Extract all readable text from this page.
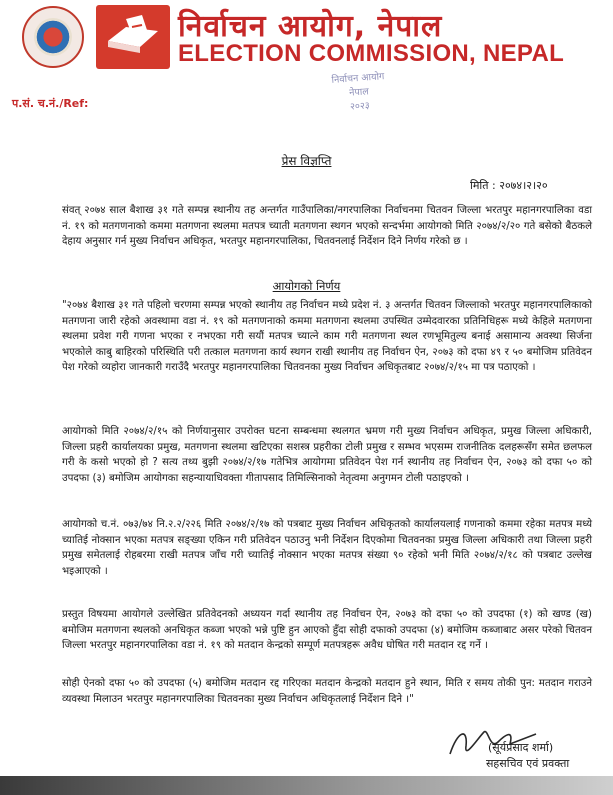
निर्वाचन आयोग, नेपाल
ELECTION COMMISSION, NEPAL
प.सं. च.नं./Ref:
निर्वाचन आयोग
नेपाल
२०२३
प्रेस विज्ञप्ति
मिति : २०७४।२।२०
संवत् २०७४ साल बैशाख ३१ गते सम्पन्न स्थानीय तह अन्तर्गत गाउँपालिका/नगरपालिका निर्वाचनमा चितवन जिल्ला भरतपुर महानगरपालिका वडा नं. १९ को मतगणनाको कममा मतगणना स्थलमा मतपत्र च्याती मतगणना स्थगन भएको सन्दर्भमा आयोगको मिति २०७४/२/२० गते बसेको बैठकले देहाय अनुसार गर्न मुख्य निर्वाचन अधिकृत, भरतपुर महानगरपालिका, चितवनलाई निर्देशन दिने निर्णय गरेको छ ।
आयोगको निर्णय
"२०७४ बैशाख ३१ गते पहिलो चरणमा सम्पन्न भएको स्थानीय तह निर्वाचन मध्ये प्रदेश नं. ३ अन्तर्गत चितवन जिल्लाको भरतपुर महानगरपालिकाको मतगणना जारी रहेको अवस्थामा वडा नं. १९ को मतगणनाको कममा मतगणना स्थलमा उपस्थित उम्मेदवारका प्रतिनिधिहरू मध्ये केहिले मतगणना स्थलमा प्रवेश गरी गणना भएका र नभएका गरी सयौं मतपत्र च्यात्ने काम गरी मतगणना स्थल रणभूमितुल्य बनाई असामान्य अवस्था सिर्जना भएकोले काबु बाहिरको परिस्थिति परी तत्काल मतगणना कार्य स्थगन राखी स्थानीय तह निर्वाचन ऐन, २०७३ को दफा ४९ र ५० बमोजिम प्रतिवेदन पेश गरेको व्यहोरा जानकारी गराउँदै भरतपुर महानगरपालिका चितवनका मुख्य निर्वाचन अधिकृतबाट २०७४/२/१५ मा पत्र पठाएको ।
आयोगको मिति २०७४/२/१५ को निर्णयानुसार उपरोक्त घटना सम्बन्धमा स्थलगत भ्रमण गरी मुख्य निर्वाचन अधिकृत, प्रमुख जिल्ला अधिकारी, जिल्ला प्रहरी कार्यालयका प्रमुख, मतगणना स्थलमा खटिएका सशस्त्र प्रहरीका टोली प्रमुख र सम्भव भएसम्म राजनीतिक दलहरूसँग समेत छलफल गरी के कसो भएको हो ? सत्य तथ्य बुझी २०७४/२/१७ गतेभित्र आयोगमा प्रतिवेदन पेश गर्न स्थानीय तह निर्वाचन ऐन, २०७३ को दफा ५० को उपदफा (३) बमोजिम आयोगका सहन्यायाधिवक्ता गीतापसाद तिमिल्सिनाको नेतृत्वमा अनुगमन टोली पठाइएको ।
आयोगको च.नं. ०७३/७४ नि.२.२/२२६ मिति २०७४/२/१७ को पत्रबाट मुख्य निर्वाचन अधिकृतको कार्यालयलाई गणनाको कममा रहेका मतपत्र मध्ये च्यातिई नोक्सान भएका मतपत्र सङ्ख्या एकिन गरी प्रतिवेदन पठाउनु भनी निर्देशन दिएकोमा चितवनका प्रमुख जिल्ला अधिकारी तथा जिल्ला प्रहरी प्रमुख समेतलाई रोहबरमा राखी मतपत्र जाँच गरी च्यातिई नोक्सान भएका मतपत्र संख्या ९० रहेको भनी मिति २०७४/२/१८ को पत्रबाट उल्लेख भइआएको ।
प्रस्तुत विषयमा आयोगले उल्लेखित प्रतिवेदनको अध्ययन गर्दा स्थानीय तह निर्वाचन ऐन, २०७३ को दफा ५० को उपदफा (१) को खण्ड (ख) बमोजिम मतगणना स्थलको अनधिकृत कब्जा भएको भन्ने पुष्टि हुन आएको हुँदा सोही दफाको उपदफा (४) बमोजिम कब्जाबाट असर परेको चितवन जिल्ला भरतपुर महानगरपालिका वडा नं. १९ को मतदान केन्द्रको सम्पूर्ण मतपत्रहरू अवैध घोषित गरी मतदान रद्द गर्ने ।
सोही ऐनको दफा ५० को उपदफा (५) बमोजिम मतदान रद्द गरिएका मतदान केन्द्रको मतदान हुने स्थान, मिति र समय तोकी पुन: मतदान गराउने व्यवस्था मिलाउन भरतपुर महानगरपालिका चितवनका मुख्य निर्वाचन अधिकृतलाई निर्देशन दिने ।"
(सूर्यप्रसाद शर्मा)
सहसचिव एवं प्रवक्ता
